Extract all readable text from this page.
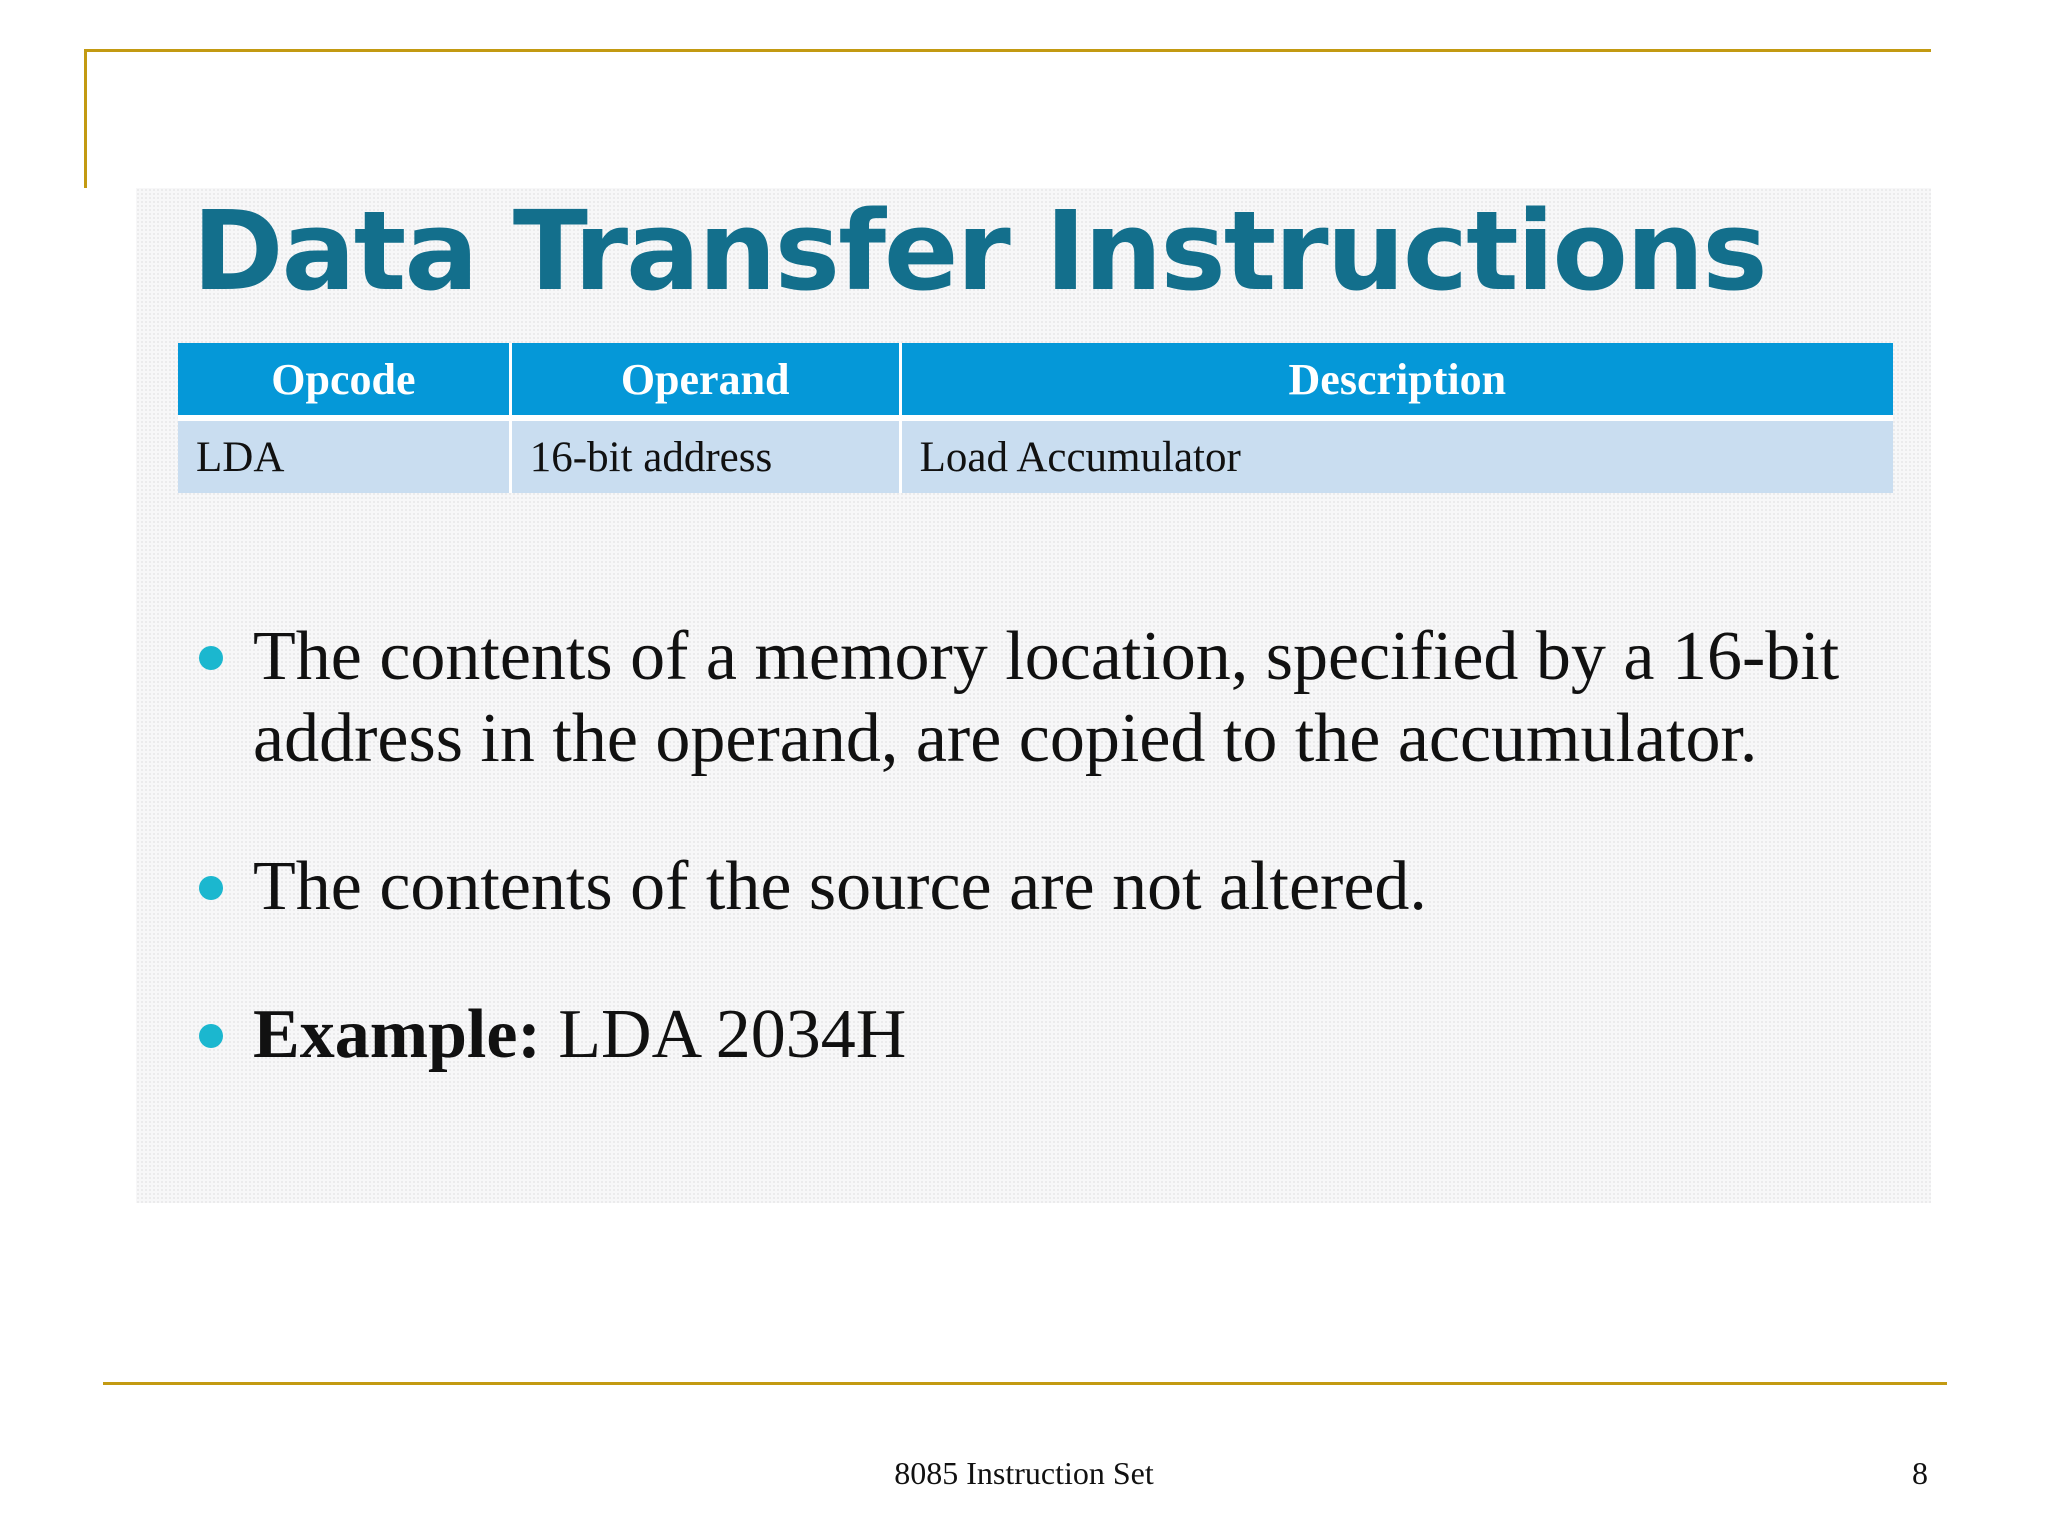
Data Transfer Instructions
Opcode	Operand	Description
LDA	16-bit address	Load Accumulator
The contents of a memory location, specified by a 16-bit address in the operand, are copied to the accumulator.
The contents of the source are not altered.
Example: LDA 2034H
8085 Instruction Set	8
